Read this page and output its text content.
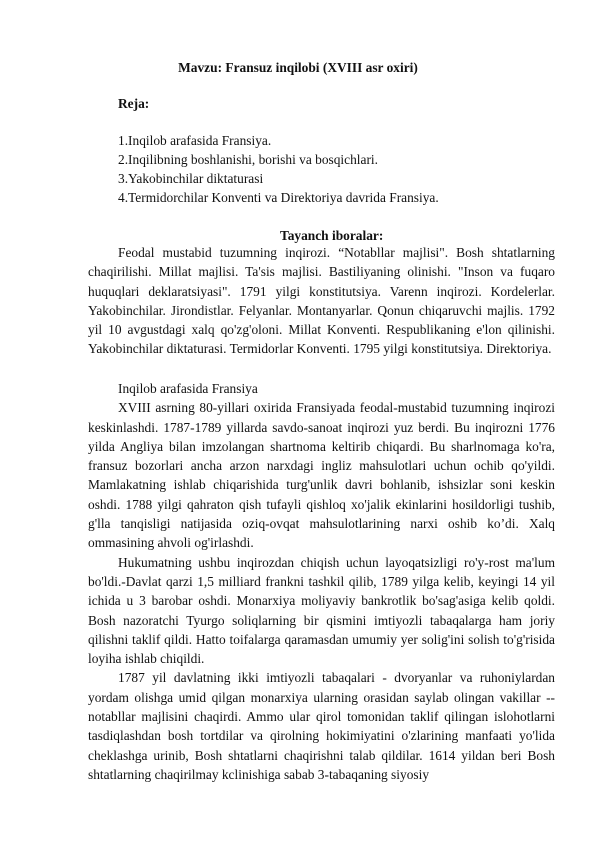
Mavzu: Fransuz inqilobi (XVIII asr oxiri)
Reja:
1.Inqilob arafasida Fransiya.
2.Inqilibning boshlanishi, borishi va bosqichlari.
3.Yakobinchilar diktaturasi
4.Termidorchilar Konventi va Direktoriya davrida Fransiya.
Tayanch iboralar:

Feodal mustabid tuzumning inqirozi. “Notabllar majlisi". Bosh shtatlarning chaqirilishi. Millat majlisi. Ta'sis majlisi. Bastiliyaning olinishi. "Inson va fuqaro huquqlari deklaratsiyasi". 1791 yilgi konstitutsiya. Varenn inqirozi. Kordelerlar. Yakobinchilar. Jirondistlar. Felyanlar. Montanyarlar. Qonun chiqaruvchi majlis. 1792 yil 10 avgustdagi xalq qo'zg'oloni. Millat Konventi. Respublikaning e'lon qilinishi. Yakobinchilar diktaturasi. Termidorlar Konventi. 1795 yilgi konstitutsiya. Direktoriya.

Inqilob arafasida Fransiya

XVIII asrning 80-yillari oxirida Fransiyada feodal-mustabid tuzumning inqirozi keskinlashdi. 1787-1789 yillarda savdo-sanoat inqirozi yuz berdi. Bu inqirozni 1776 yilda Angliya bilan imzolangan shartnoma keltirib chiqardi. Bu sharlnomaga ko'ra, fransuz bozorlari ancha arzon narxdagi ingliz mahsulotlari uchun ochib qo'yildi. Mamlakatning ishlab chiqarishida turg'unlik davri bohlanib, ishsizlar soni keskin oshdi. 1788 yilgi qahraton qish tufayli qishloq xo'jalik ekinlarini hosildorligi tushib, g'lla tanqisligi natijasida oziq-ovqat mahsulotlarining narxi oshib ko’di. Xalq ommasining ahvoli og'irlashdi.

Hukumatning ushbu inqirozdan chiqish uchun layoqatsizligi ro'y-rost ma'lum bo'ldi.-Davlat qarzi 1,5 milliard frankni tashkil qilib, 1789 yilga kelib, keyingi 14 yil ichida u 3 barobar oshdi. Monarxiya moliyaviy bankrotlik bo'sag'asiga kelib qoldi. Bosh nazoratchi Tyurgo soliqlarning bir qismini imtiyozli tabaqalarga ham joriy qilishni taklif qildi. Hatto toifalarga qaramasdan umumiy yer solig'ini solish to'g'risida loyiha ishlab chiqildi.

1787 yil davlatning ikki imtiyozli tabaqalari - dvoryanlar va ruhoniylardan yordam olishga umid qilgan monarxiya ularning orasidan saylab olingan vakillar -- notabllar majlisini chaqirdi. Ammo ular qirol tomonidan taklif qilingan islohotlarni tasdiqlashdan bosh tortdilar va qirolning hokimiyatini o'zlarining manfaati yo'lida cheklashga urinib, Bosh shtatlarni chaqirishni talab qildilar. 1614 yildan beri Bosh shtatlarning chaqirilmay kclinishiga sabab 3-tabaqaning siyosiy
